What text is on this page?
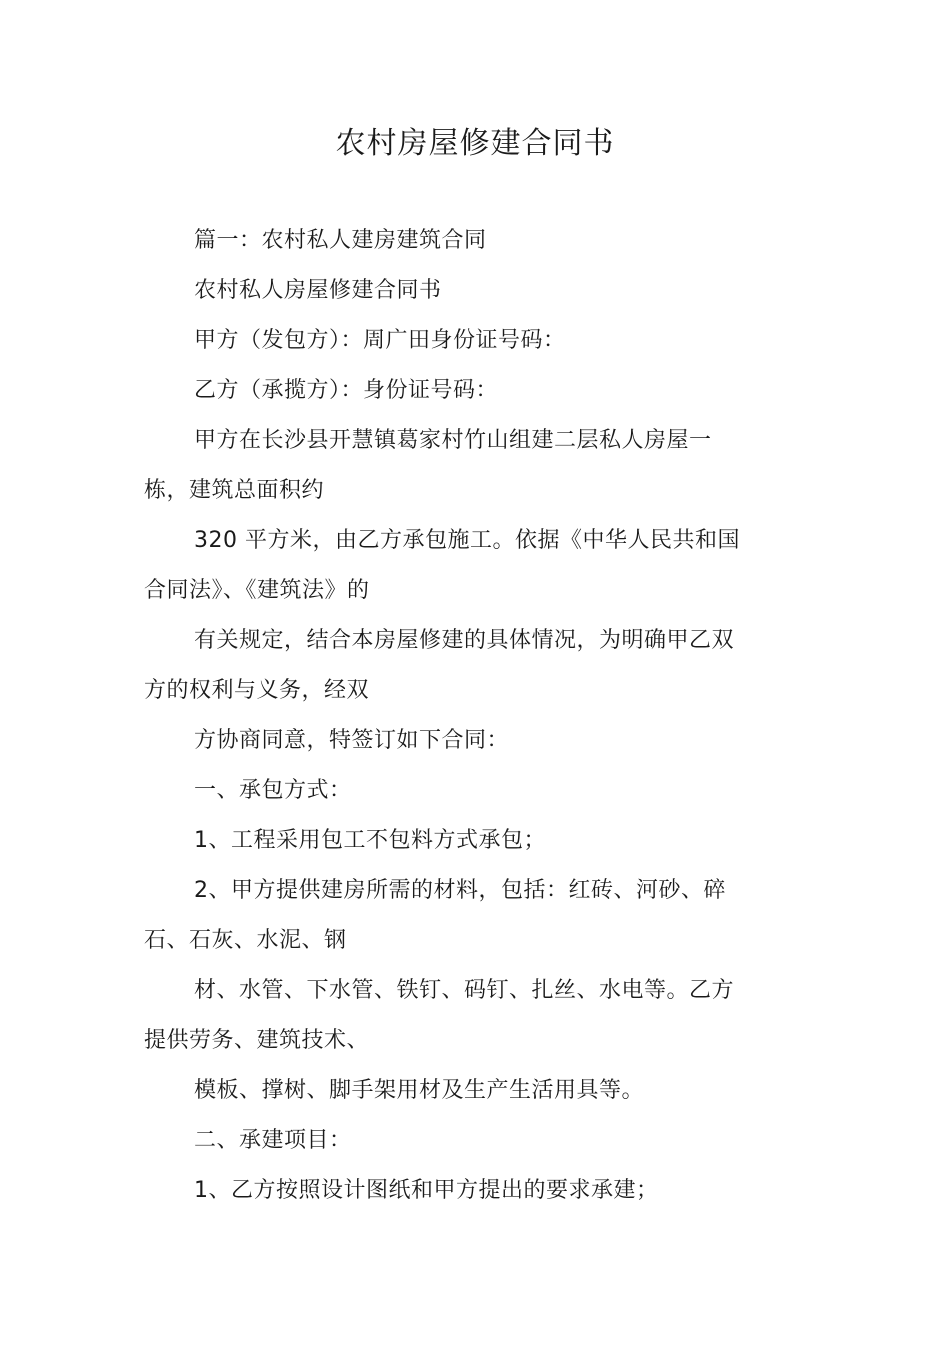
农村房屋修建合同书
篇一：农村私人建房建筑合同
农村私人房屋修建合同书
甲方（发包方）：周广田身份证号码：
乙方（承揽方）：身份证号码：
甲方在长沙县开慧镇葛家村竹山组建二层私人房屋一
栋，建筑总面积约
320 平方米，由乙方承包施工。依据《中华人民共和国
合同法》、《建筑法》的
有关规定，结合本房屋修建的具体情况，为明确甲乙双
方的权利与义务，经双
方协商同意，特签订如下合同：
一、承包方式：
1、工程采用包工不包料方式承包；
2、甲方提供建房所需的材料，包括：红砖、河砂、碎
石、石灰、水泥、钢
材、水管、下水管、铁钉、码钉、扎丝、水电等。乙方
提供劳务、建筑技术、
模板、撑树、脚手架用材及生产生活用具等。
二、承建项目：
1、乙方按照设计图纸和甲方提出的要求承建；
